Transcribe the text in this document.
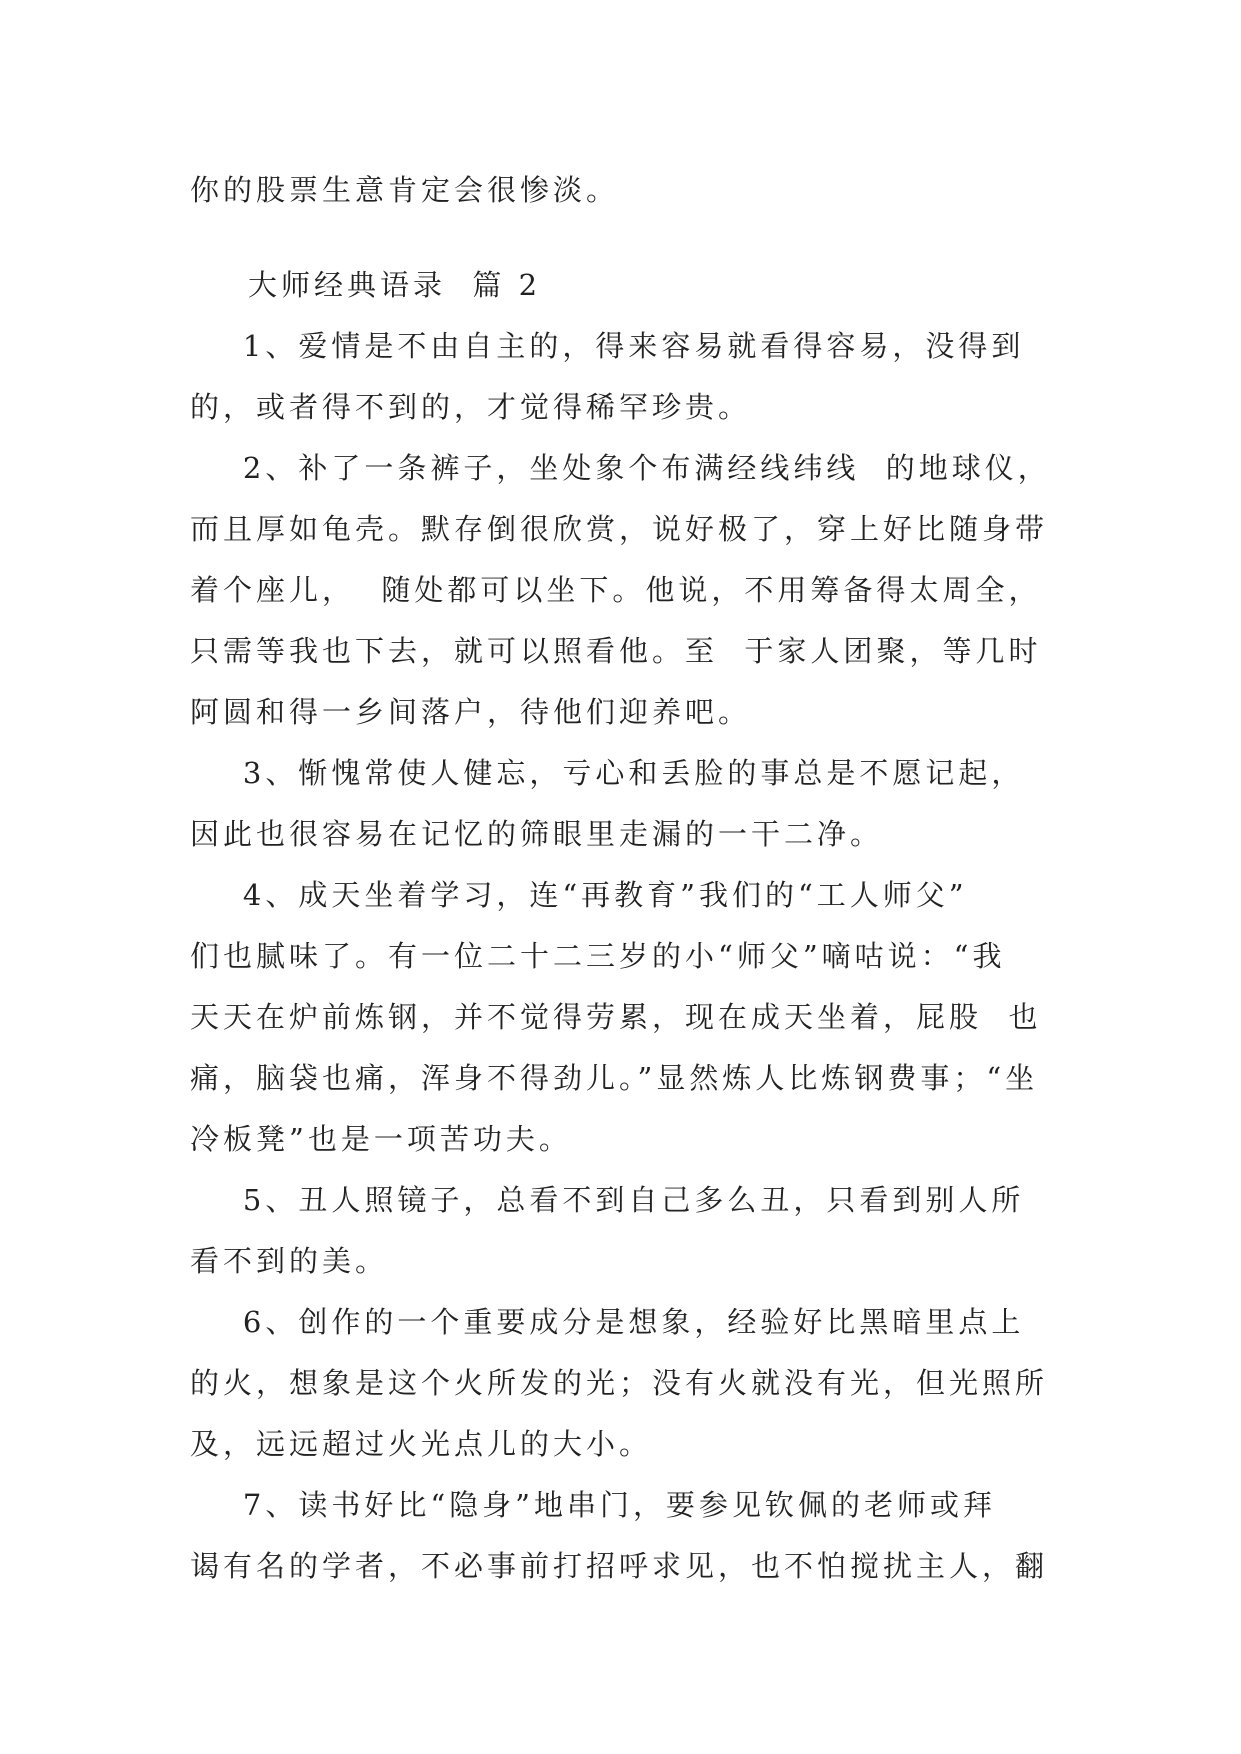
你的股票生意肯定会很惨淡。
大师经典语录  篇 2
1、爱情是不由自主的，得来容易就看得容易，没得到
的，或者得不到的，才觉得稀罕珍贵。
2、补了一条裤子，坐处象个布满经线纬线  的地球仪，
而且厚如龟壳。默存倒很欣赏，说好极了，穿上好比随身带
着个座儿，  随处都可以坐下。他说，不用筹备得太周全，
只需等我也下去，就可以照看他。至  于家人团聚，等几时
阿圆和得一乡间落户，待他们迎养吧。
3、惭愧常使人健忘，亏心和丢脸的事总是不愿记起，
因此也很容易在记忆的筛眼里走漏的一干二净。
4、成天坐着学习，连“再教育”我们的“工人师父”
们也腻味了。有一位二十二三岁的小“师父”嘀咕说：“我
天天在炉前炼钢，并不觉得劳累，现在成天坐着，屁股  也
痛，脑袋也痛，浑身不得劲儿。”显然炼人比炼钢费事；“坐
冷板凳”也是一项苦功夫。
5、丑人照镜子，总看不到自己多么丑，只看到别人所
看不到的美。
6、创作的一个重要成分是想象，经验好比黑暗里点上
的火，想象是这个火所发的光；没有火就没有光，但光照所
及，远远超过火光点儿的大小。
7、读书好比“隐身”地串门，要参见钦佩的老师或拜
谒有名的学者，不必事前打招呼求见，也不怕搅扰主人，翻
